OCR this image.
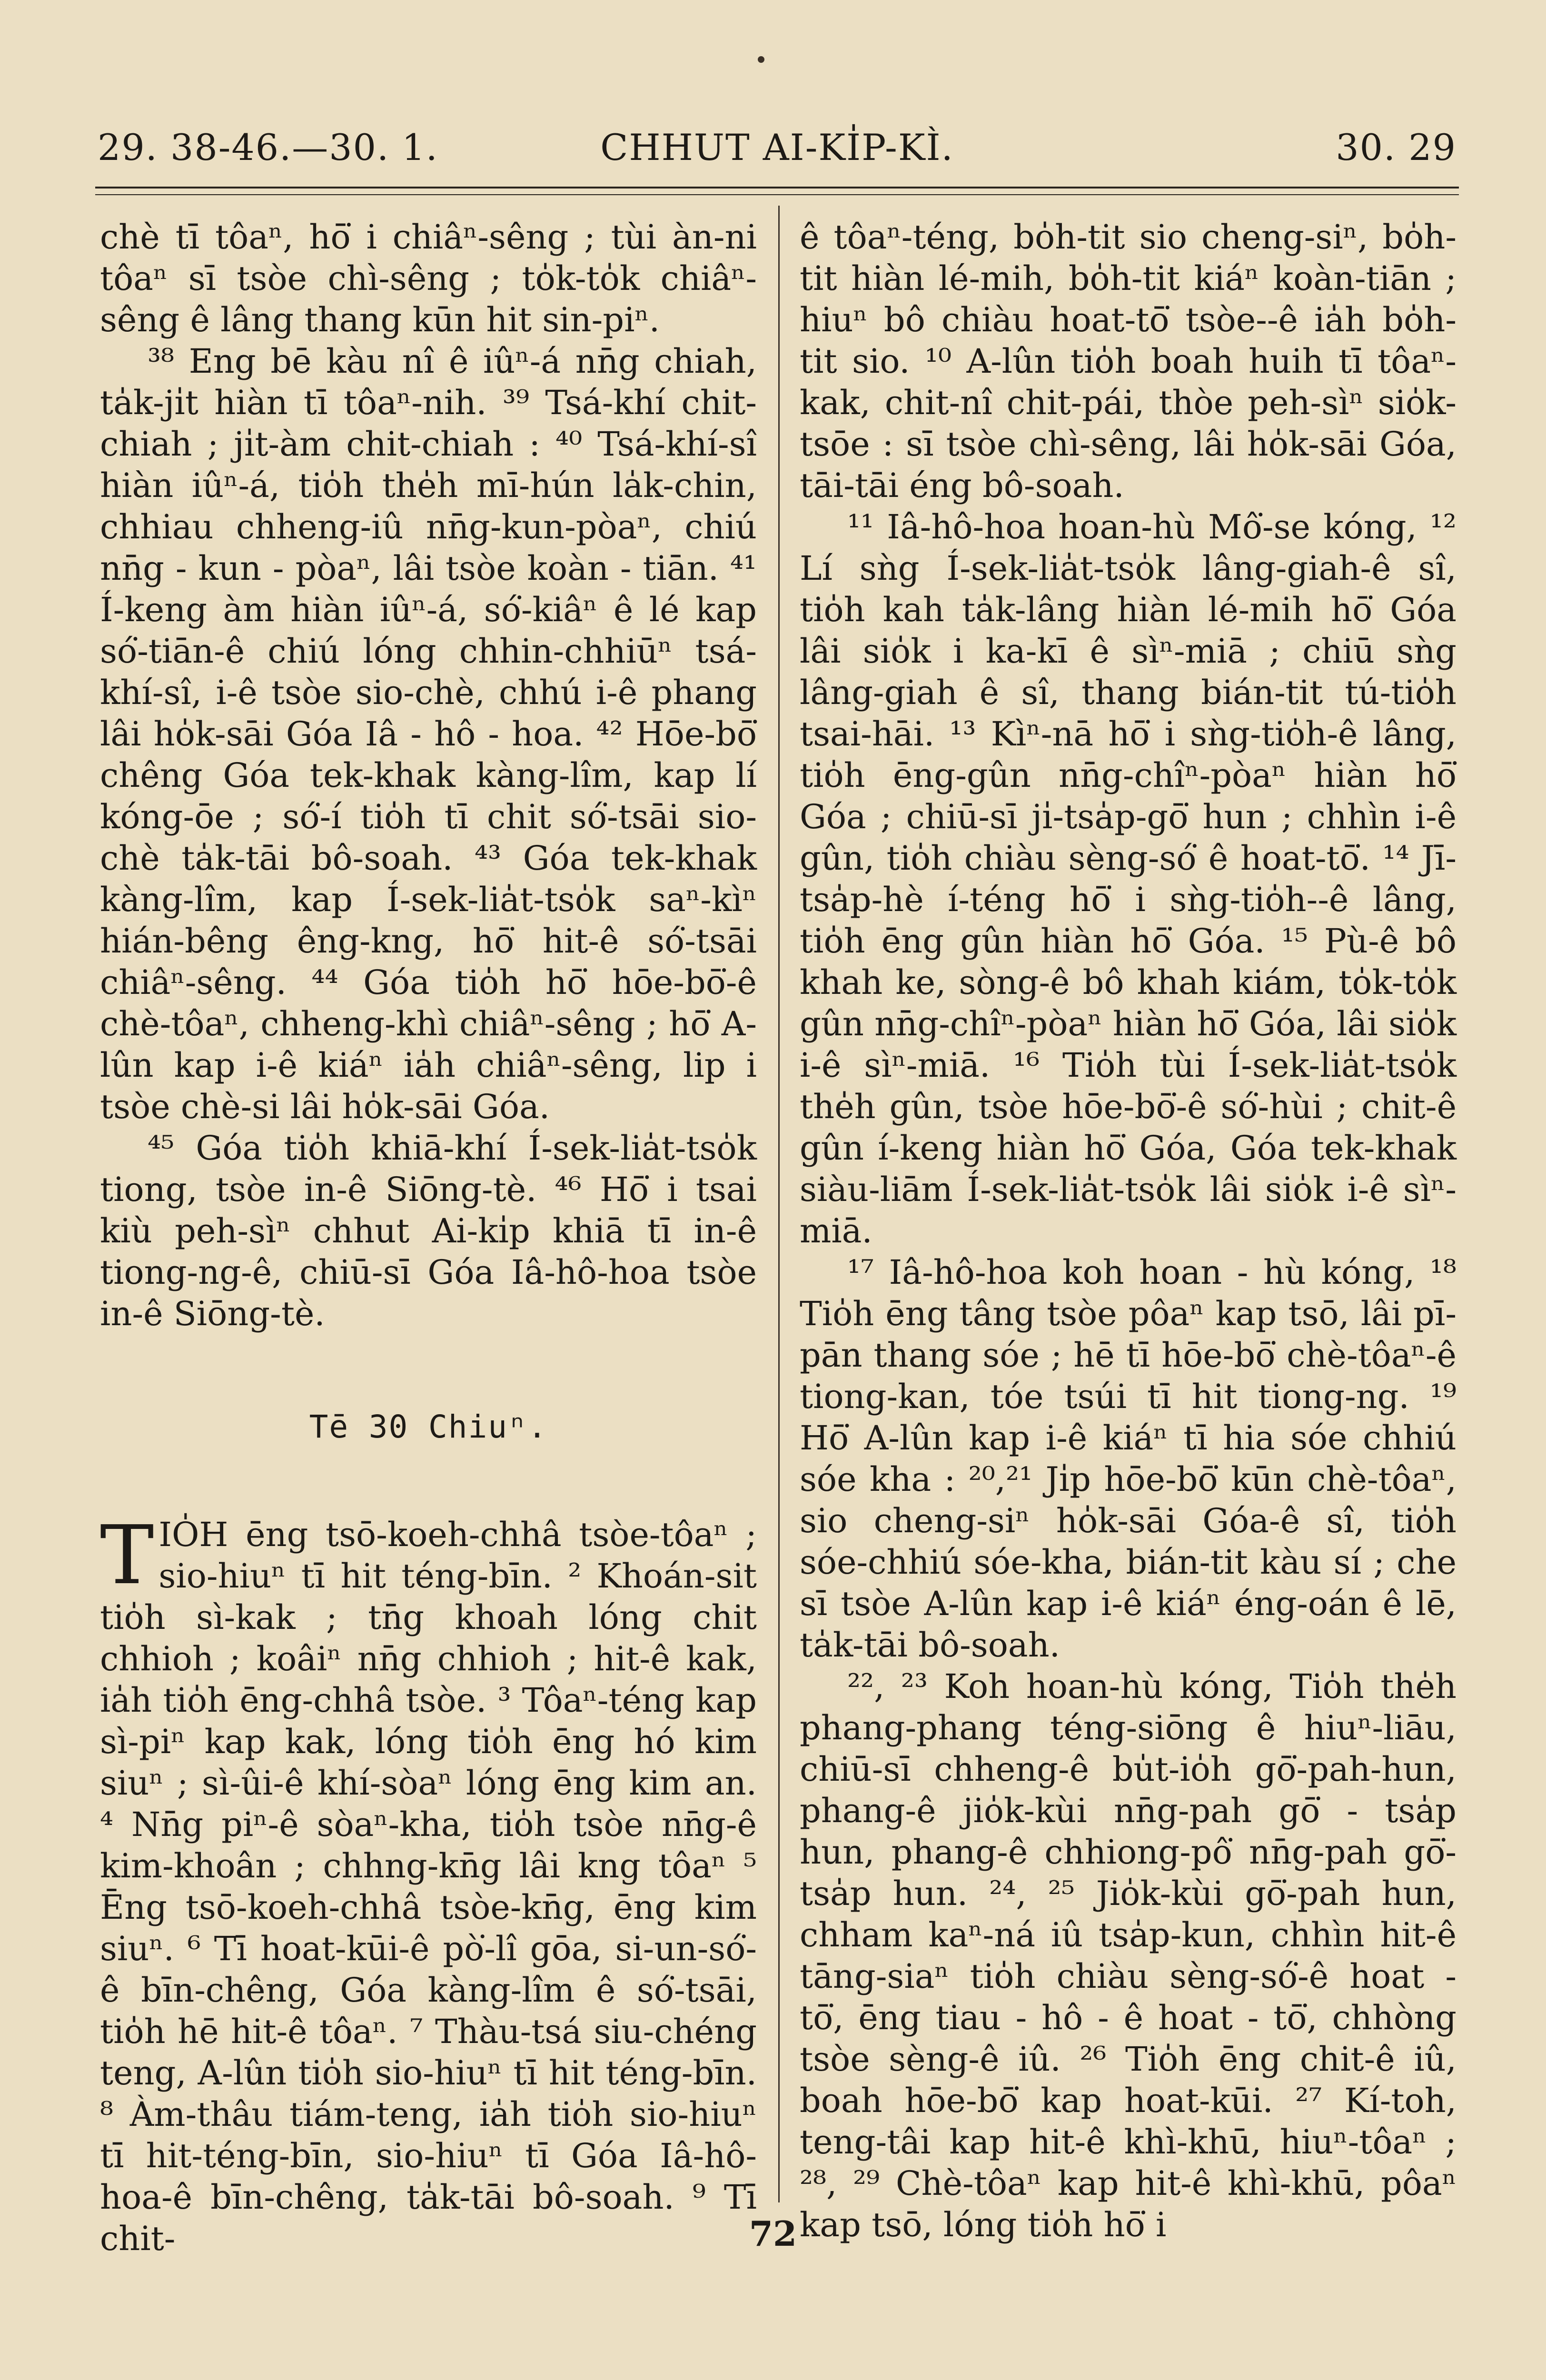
29. 38-46.—30. 1.	CHHUT AI-KI̍P-KÌ.	30. 29

chè tī tôaⁿ, hō͘ i chiâⁿ-sêng ; tùi àn-ni tôaⁿ sī tsòe chì-sêng ; to̍k-to̍k chiâⁿ-sêng ê lâng thang kūn hit sin-piⁿ.

³⁸ Eng bē kàu nî ê iûⁿ-á nn̄g chiah, ta̍k-ji̍t hiàn tī tôaⁿ-nih. ³⁹ Tsá-khí chit-chiah ; ji̍t-àm chit-chiah : ⁴⁰ Tsá-khí-sî hiàn iûⁿ-á, tio̍h the̍h mī-hún la̍k-chin, chhiau chheng-iû nn̄g-kun-pòaⁿ, chiú nn̄g - kun - pòaⁿ, lâi tsòe koàn - tiān. ⁴¹ Í-keng àm hiàn iûⁿ-á, só͘-kiâⁿ ê lé kap só͘-tiān-ê chiú lóng chhin-chhiūⁿ tsá-khí-sî, i-ê tsòe sio-chè, chhú i-ê phang lâi ho̍k-sāi Góa Iâ - hô - hoa. ⁴² Hōe-bō͘ chêng Góa tek-khak kàng-lîm, kap lí kóng-ōe ; só͘-í tio̍h tī chit só͘-tsāi sio-chè ta̍k-tāi bô-soah. ⁴³ Góa tek-khak kàng-lîm, kap Í-sek-lia̍t-tso̍k saⁿ-kìⁿ hián-bêng êng-kng, hō͘ hit-ê só͘-tsāi chiâⁿ-sêng. ⁴⁴ Góa tio̍h hō͘ hōe-bō͘-ê chè-tôaⁿ, chheng-khì chiâⁿ-sêng ; hō͘ A-lûn kap i-ê kiáⁿ ia̍h chiâⁿ-sêng, lip i tsòe chè-si lâi ho̍k-sāi Góa.

⁴⁵ Góa tio̍h khiā-khí Í-sek-lia̍t-tso̍k tiong, tsòe in-ê Siōng-tè. ⁴⁶ Hō͘ i tsai kiù peh-sìⁿ chhut Ai-ki̍p khiā tī in-ê tiong-ng-ê, chiū-sī Góa Iâ-hô-hoa tsòe in-ê Siōng-tè.

Tē 30 Chiuⁿ.

TIO̍H ēng tsō-koeh-chhâ tsòe-tôaⁿ ; sio-hiuⁿ tī hit téng-bīn. ² Khoán-sit tio̍h sì-kak ; tn̄g khoah lóng chit chhioh ; koâiⁿ nn̄g chhioh ; hit-ê kak, ia̍h tio̍h ēng-chhâ tsòe. ³ Tôaⁿ-téng kap sì-piⁿ kap kak, lóng tio̍h ēng hó kim siuⁿ ; sì-ûi-ê khí-sòaⁿ lóng ēng kim an. ⁴ Nn̄g piⁿ-ê sòaⁿ-kha, tio̍h tsòe nn̄g-ê kim-khoân ; chhng-kn̄g lâi kng tôaⁿ ⁵ Ēng tsō-koeh-chhâ tsòe-kn̄g, ēng kim siuⁿ. ⁶ Tī hoat-kūi-ê pò͘-lî gōa, si-un-só͘-ê bīn-chêng, Góa kàng-lîm ê só͘-tsāi, tio̍h hē hit-ê tôaⁿ. ⁷ Thàu-tsá siu-chéng teng, A-lûn tio̍h sio-hiuⁿ tī hit téng-bīn. ⁸ Àm-thâu tiám-teng, ia̍h tio̍h sio-hiuⁿ tī hit-téng-bīn, sio-hiuⁿ tī Góa Iâ-hô-hoa-ê bīn-chêng, ta̍k-tāi bô-soah. ⁹ Tī chit-

ê tôaⁿ-téng, bo̍h-tit sio cheng-siⁿ, bo̍h-tit hiàn lé-mih, bo̍h-tit kiáⁿ koàn-tiān ; hiuⁿ bô chiàu hoat-tō͘ tsòe--ê ia̍h bo̍h-tit sio. ¹⁰ A-lûn tio̍h boah huih tī tôaⁿ-kak, chit-nî chit-pái, thòe peh-sìⁿ sio̍k-tsōe : sī tsòe chì-sêng, lâi ho̍k-sāi Góa, tāi-tāi éng bô-soah.

¹¹ Iâ-hô-hoa hoan-hù Mô͘-se kóng, ¹² Lí sǹg Í-sek-lia̍t-tso̍k lâng-giah-ê sî, tio̍h kah ta̍k-lâng hiàn lé-mih hō͘ Góa lâi sio̍k i ka-kī ê sìⁿ-miā ; chiū sǹg lâng-giah ê sî, thang bián-tit tú-tio̍h tsai-hāi. ¹³ Kìⁿ-nā hō͘ i sǹg-tio̍h-ê lâng, tio̍h ēng-gûn nn̄g-chîⁿ-pòaⁿ hiàn hō͘ Góa ; chiū-sī ji̍-tsa̍p-gō͘ hun ; chhìn i-ê gûn, tio̍h chiàu sèng-só͘ ê hoat-tō͘. ¹⁴ Jī-tsa̍p-hè í-téng hō͘ i sǹg-tio̍h--ê lâng, tio̍h ēng gûn hiàn hō͘ Góa. ¹⁵ Pù-ê bô khah ke, sòng-ê bô khah kiám, to̍k-to̍k gûn nn̄g-chîⁿ-pòaⁿ hiàn hō͘ Góa, lâi sio̍k i-ê sìⁿ-miā. ¹⁶ Tio̍h tùi Í-sek-lia̍t-tso̍k the̍h gûn, tsòe hōe-bō͘-ê só͘-hùi ; chit-ê gûn í-keng hiàn hō͘ Góa, Góa tek-khak siàu-liām Í-sek-lia̍t-tso̍k lâi sio̍k i-ê sìⁿ-miā.

¹⁷ Iâ-hô-hoa koh hoan - hù kóng, ¹⁸ Tio̍h ēng tâng tsòe pôaⁿ kap tsō, lâi pī-pān thang sóe ; hē tī hōe-bō͘ chè-tôaⁿ-ê tiong-kan, tóe tsúi tī hit tiong-ng. ¹⁹ Hō͘ A-lûn kap i-ê kiáⁿ tī hia sóe chhiú sóe kha : ²⁰,²¹ Ji̍p hōe-bō͘ kūn chè-tôaⁿ, sio cheng-siⁿ ho̍k-sāi Góa-ê sî, tio̍h sóe-chhiú sóe-kha, bián-tit kàu sí ; che sī tsòe A-lûn kap i-ê kiáⁿ éng-oán ê lē, ta̍k-tāi bô-soah.

²², ²³ Koh hoan-hù kóng, Tio̍h the̍h phang-phang téng-siōng ê hiuⁿ-liāu, chiū-sī chheng-ê bu̍t-io̍h gō͘-pah-hun, phang-ê jio̍k-kùi nn̄g-pah gō͘ - tsa̍p hun, phang-ê chhiong-pô͘ nn̄g-pah gō͘-tsa̍p hun. ²⁴, ²⁵ Jio̍k-kùi gō͘-pah hun, chham kaⁿ-ná iû tsa̍p-kun, chhìn hit-ê tāng-siaⁿ tio̍h chiàu sèng-só͘-ê hoat - tō͘, ēng tiau - hô - ê hoat - tō͘, chhòng tsòe sèng-ê iû. ²⁶ Tio̍h ēng chit-ê iû, boah hōe-bō͘ kap hoat-kūi. ²⁷ Kí-toh, teng-tâi kap hit-ê khì-khū, hiuⁿ-tôaⁿ ; ²⁸, ²⁹ Chè-tôaⁿ kap hit-ê khì-khū, pôaⁿ kap tsō, lóng tio̍h hō͘ i

72
